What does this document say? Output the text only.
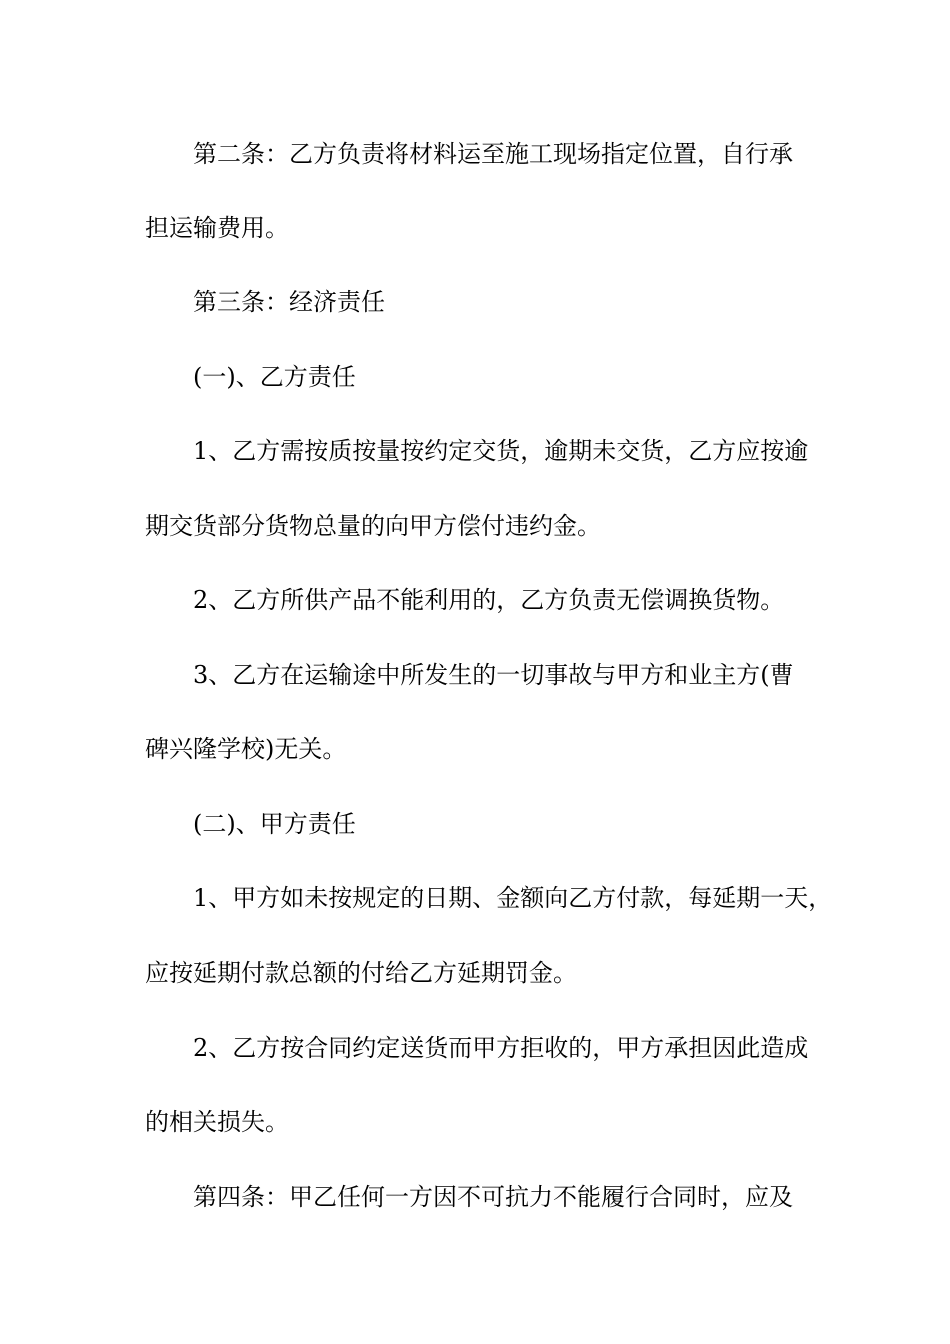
第二条：乙方负责将材料运至施工现场指定位置，自行承

担运输费用。

第三条：经济责任

(一)、乙方责任

1、乙方需按质按量按约定交货，逾期未交货，乙方应按逾

期交货部分货物总量的向甲方偿付违约金。

2、乙方所供产品不能利用的，乙方负责无偿调换货物。

3、乙方在运输途中所发生的一切事故与甲方和业主方(曹

碑兴隆学校)无关。

(二)、甲方责任

1、甲方如未按规定的日期、金额向乙方付款，每延期一天，

应按延期付款总额的付给乙方延期罚金。

2、乙方按合同约定送货而甲方拒收的，甲方承担因此造成

的相关损失。

第四条：甲乙任何一方因不可抗力不能履行合同时，应及
